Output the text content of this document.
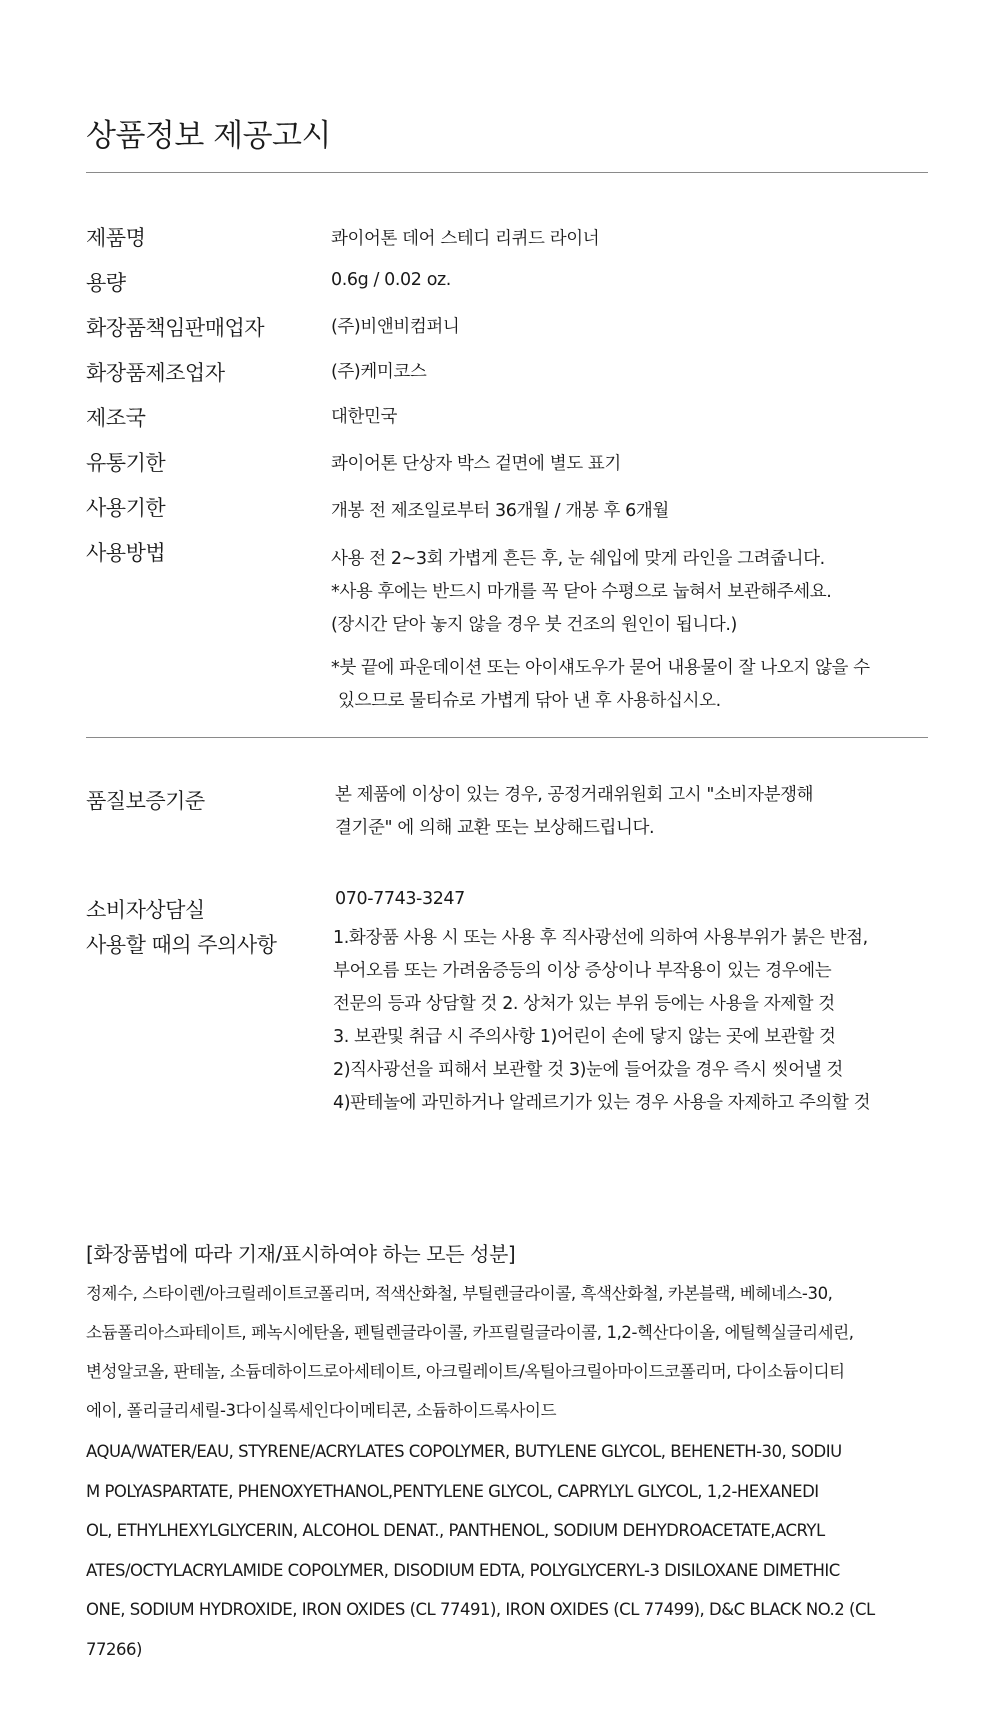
상품정보 제공고시
제품명	콰이어톤 데어 스테디 리퀴드 라이너
용량	0.6g / 0.02 oz.
화장품책임판매업자	(주)비앤비컴퍼니
화장품제조업자	(주)케미코스
제조국	대한민국
유통기한	콰이어톤 단상자 박스 겉면에 별도 표기
사용기한	개봉 전 제조일로부터 36개월 / 개봉 후 6개월
사용방법	사용 전 2~3회 가볍게 흔든 후, 눈 쉐입에 맞게 라인을 그려줍니다.
*사용 후에는 반드시 마개를 꼭 닫아 수평으로 눕혀서 보관해주세요.
(장시간 닫아 놓지 않을 경우 붓 건조의 원인이 됩니다.)

*붓 끝에 파운데이션 또는 아이섀도우가 묻어 내용물이 잘 나오지 않을 수
있으므로 물티슈로 가볍게 닦아 낸 후 사용하십시오.

품질보증기준	본 제품에 이상이 있는 경우, 공정거래위원회 고시 "소비자분쟁해
결기준" 에 의해 교환 또는 보상해드립니다.

소비자상담실	070-7743-3247
사용할 때의 주의사항	1.화장품 사용 시 또는 사용 후 직사광선에 의하여 사용부위가 붉은 반점,
부어오름 또는 가려움증등의 이상 증상이나 부작용이 있는 경우에는
전문의 등과 상담할 것 2. 상처가 있는 부위 등에는 사용을 자제할 것
3. 보관및 취급 시 주의사항 1)어린이 손에 닿지 않는 곳에 보관할 것
2)직사광선을 피해서 보관할 것 3)눈에 들어갔을 경우 즉시 씻어낼 것
4)판테놀에 과민하거나 알레르기가 있는 경우 사용을 자제하고 주의할 것

[화장품법에 따라 기재/표시하여야 하는 모든 성분]

정제수, 스타이렌/아크릴레이트코폴리머, 적색산화철, 부틸렌글라이콜, 흑색산화철, 카본블랙, 베헤네스-30,
소듐폴리아스파테이트, 페녹시에탄올, 펜틸렌글라이콜, 카프릴릴글라이콜, 1,2-헥산다이올, 에틸헥실글리세린,
변성알코올, 판테놀, 소듐데하이드로아세테이트, 아크릴레이트/옥틸아크릴아마이드코폴리머, 다이소듐이디티
에이, 폴리글리세릴-3다이실록세인다이메티콘, 소듐하이드록사이드

AQUA/WATER/EAU, STYRENE/ACRYLATES COPOLYMER, BUTYLENE GLYCOL, BEHENETH-30, SODIU
M POLYASPARTATE, PHENOXYETHANOL,PENTYLENE GLYCOL, CAPRYLYL GLYCOL, 1,2-HEXANEDI
OL, ETHYLHEXYLGLYCERIN, ALCOHOL DENAT., PANTHENOL, SODIUM DEHYDROACETATE,ACRYL
ATES/OCTYLACRYLAMIDE COPOLYMER, DISODIUM EDTA, POLYGLYCERYL-3 DISILOXANE DIMETHIC
ONE, SODIUM HYDROXIDE, IRON OXIDES (CL 77491), IRON OXIDES (CL 77499), D&C BLACK NO.2 (CL
77266)
